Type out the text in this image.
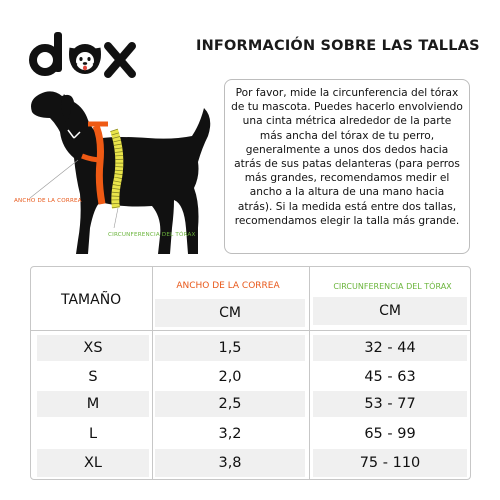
dox
INFORMACIÓN SOBRE LAS TALLAS
ANCHO DE LA CORREA
CIRCUNFERENCIA DEL TÓRAX
Por favor, mide la circunferencia del tórax de tu mascota. Puedes hacerlo envolviendo una cinta métrica alrededor de la parte más ancha del tórax de tu perro, generalmente a unos dos dedos hacia atrás de sus patas delanteras (para perros más grandes, recomendamos medir el ancho a la altura de una mano hacia atrás). Si la medida está entre dos tallas, recomendamos elegir la talla más grande.
TAMAÑO
ANCHO DE LA CORREA	CIRCUNFERENCIA DEL TÓRAX
CM	CM
XS	1,5	32 - 44
S	2,0	45 - 63
M	2,5	53 - 77
L	3,2	65 - 99
XL	3,8	75 - 110
